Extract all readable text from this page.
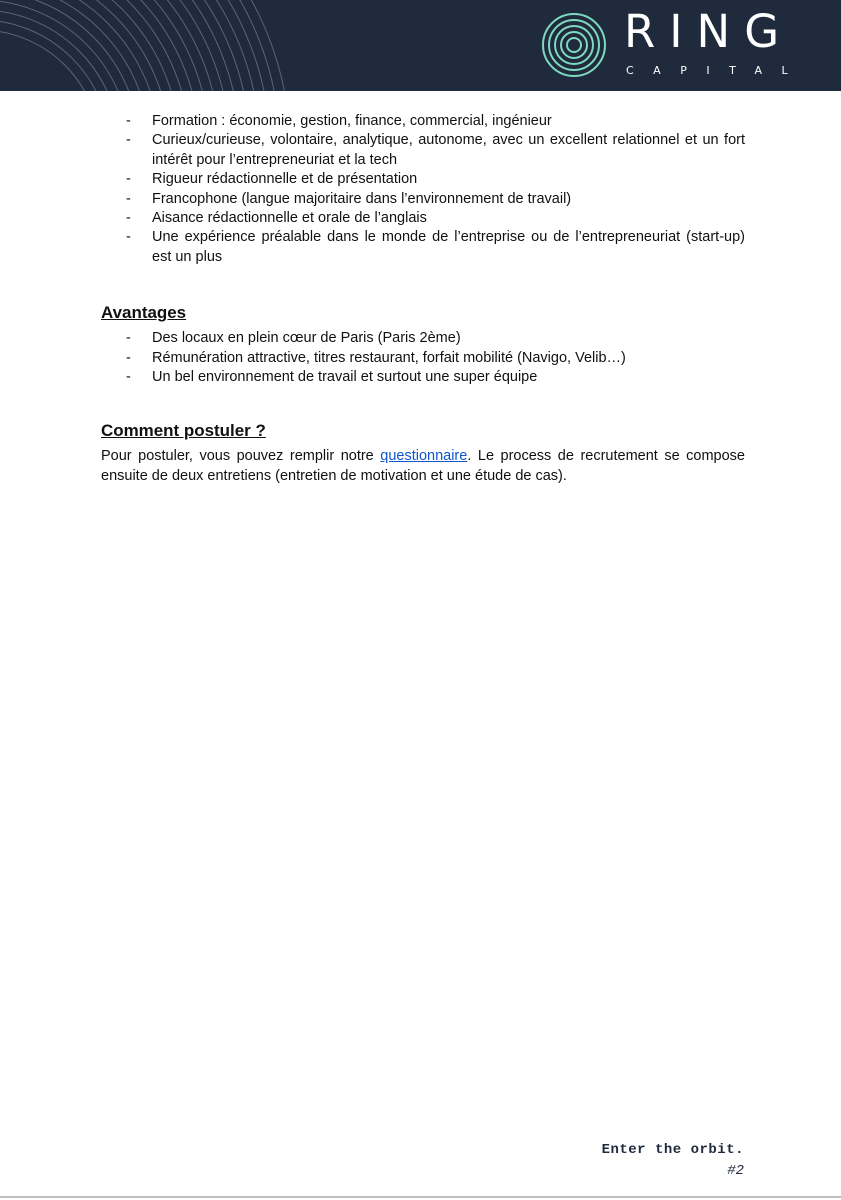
RING
CAPITAL
- Formation : économie, gestion, finance, commercial, ingénieur
- Curieux/curieuse, volontaire, analytique, autonome, avec un excellent relationnel et un fort intérêt pour l’entrepreneuriat et la tech
- Rigueur rédactionnelle et de présentation
- Francophone (langue majoritaire dans l’environnement de travail)
- Aisance rédactionnelle et orale de l’anglais
- Une expérience préalable dans le monde de l’entreprise ou de l’entrepreneuriat (start-up) est un plus
Avantages
- Des locaux en plein cœur de Paris (Paris 2ème)
- Rémunération attractive, titres restaurant, forfait mobilité (Navigo, Velib…)
- Un bel environnement de travail et surtout une super équipe
Comment postuler ?

Pour postuler, vous pouvez remplir notre questionnaire. Le process de recrutement se compose ensuite de deux entretiens (entretien de motivation et une étude de cas).

Enter the orbit.
#2
